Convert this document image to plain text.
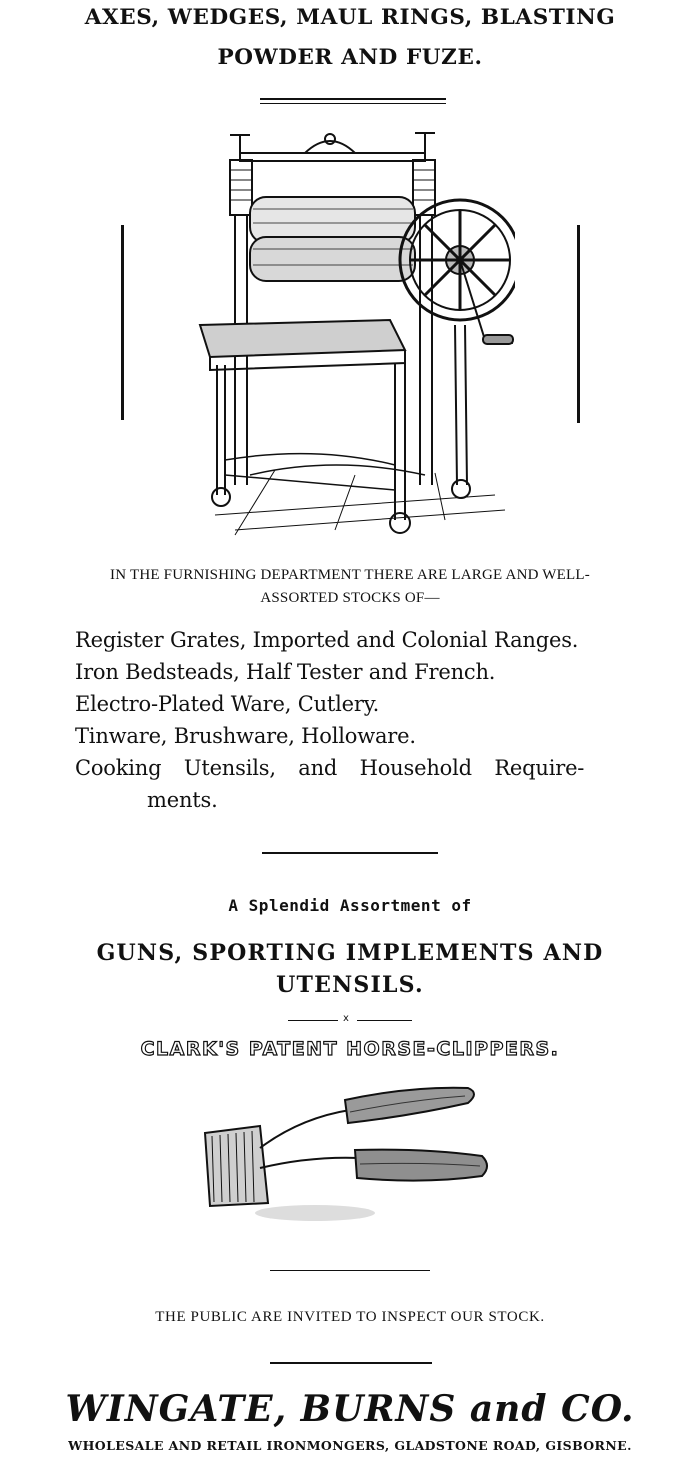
AXES, WEDGES, MAUL RINGS, BLASTING
POWDER AND FUZE.
IN THE FURNISHING DEPARTMENT THERE ARE LARGE AND WELL-
ASSORTED STOCKS OF—
Register Grates, Imported and Colonial Ranges.
Iron Bedsteads, Half Tester and French.
Electro-Plated Ware, Cutlery.
Tinware, Brushware, Holloware.
Cooking Utensils, and Household Require-
ments.
A Splendid Assortment of
GUNS, SPORTING IMPLEMENTS AND
UTENSILS.
x
CLARK'S PATENT HORSE-CLIPPERS.
THE PUBLIC ARE INVITED TO INSPECT OUR STOCK.
WINGATE, BURNS and CO.
WHOLESALE AND RETAIL IRONMONGERS, GLADSTONE ROAD, GISBORNE.
